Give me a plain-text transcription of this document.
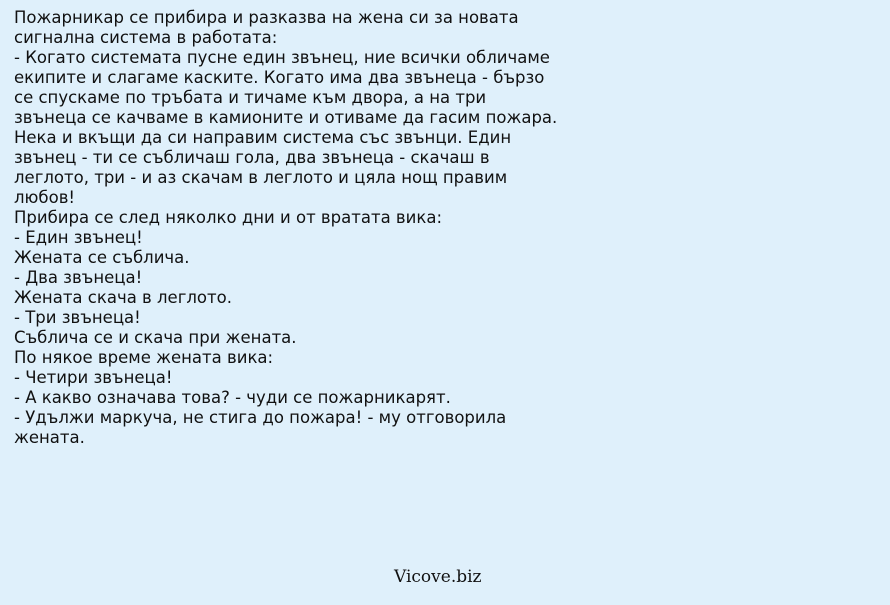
Пожарникар се прибира и разказва на жена си за новата
сигнална система в работата:
- Когато системата пусне един звънец, ние всички обличаме
екипите и слагаме каските. Когато има два звънеца - бързо
се спускаме по тръбата и тичаме към двора, а на три
звънеца се качваме в камионите и отиваме да гасим пожара.
Нека и вкъщи да си направим система със звънци. Един
звънец - ти се събличаш гола, два звънеца - скачаш в
леглото, три - и аз скачам в леглото и цяла нощ правим
любов!
Прибира се след няколко дни и от вратата вика:
- Един звънец!
Жената се съблича.
- Два звънеца!
Жената скача в леглото.
- Три звънеца!
Съблича се и скача при жената.
По някое време жената вика:
- Четири звънеца!
- А какво означава това? - чуди се пожарникарят.
- Удължи маркуча, не стига до пожара! - му отговорила
жената.
Vicove.biz
